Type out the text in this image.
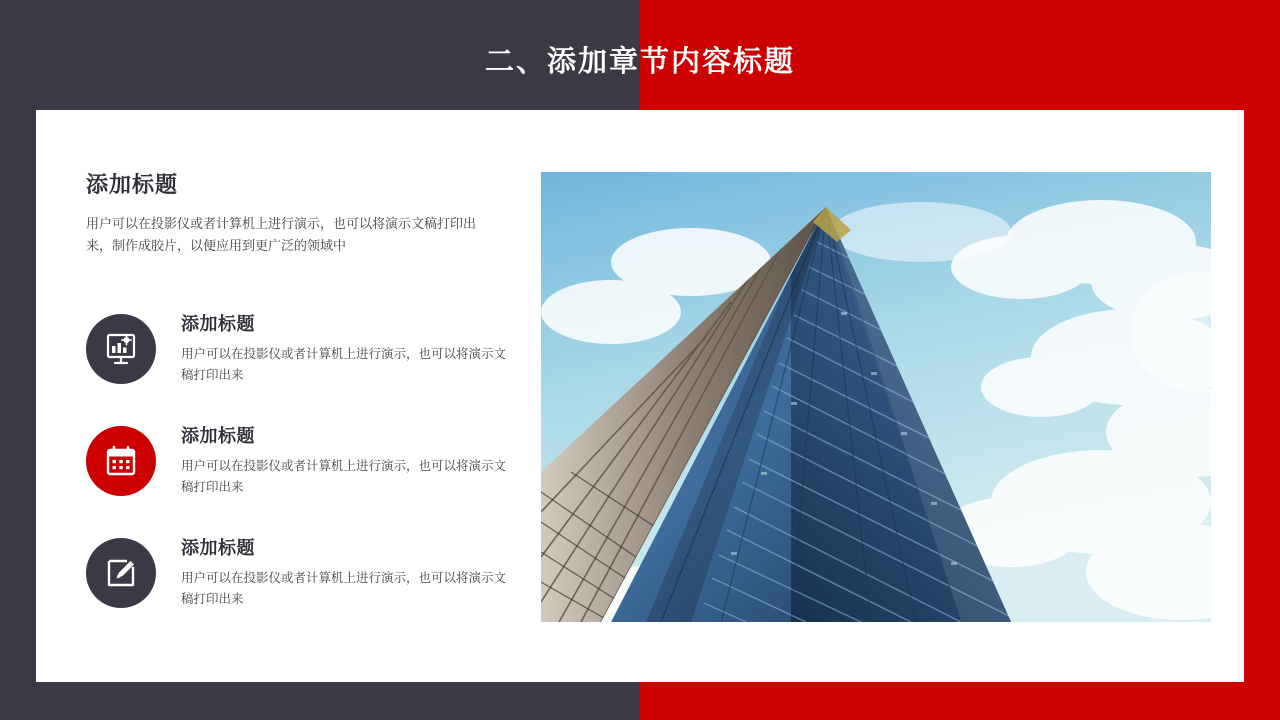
二、添加章节内容标题
添加标题

用户可以在投影仪或者计算机上进行演示，也可以将演示文稿打印出来，制作成胶片，以便应用到更广泛的领域中

添加标题

用户可以在投影仪或者计算机上进行演示，也可以将演示文稿打印出来

添加标题

用户可以在投影仪或者计算机上进行演示，也可以将演示文稿打印出来

添加标题

用户可以在投影仪或者计算机上进行演示，也可以将演示文稿打印出来
